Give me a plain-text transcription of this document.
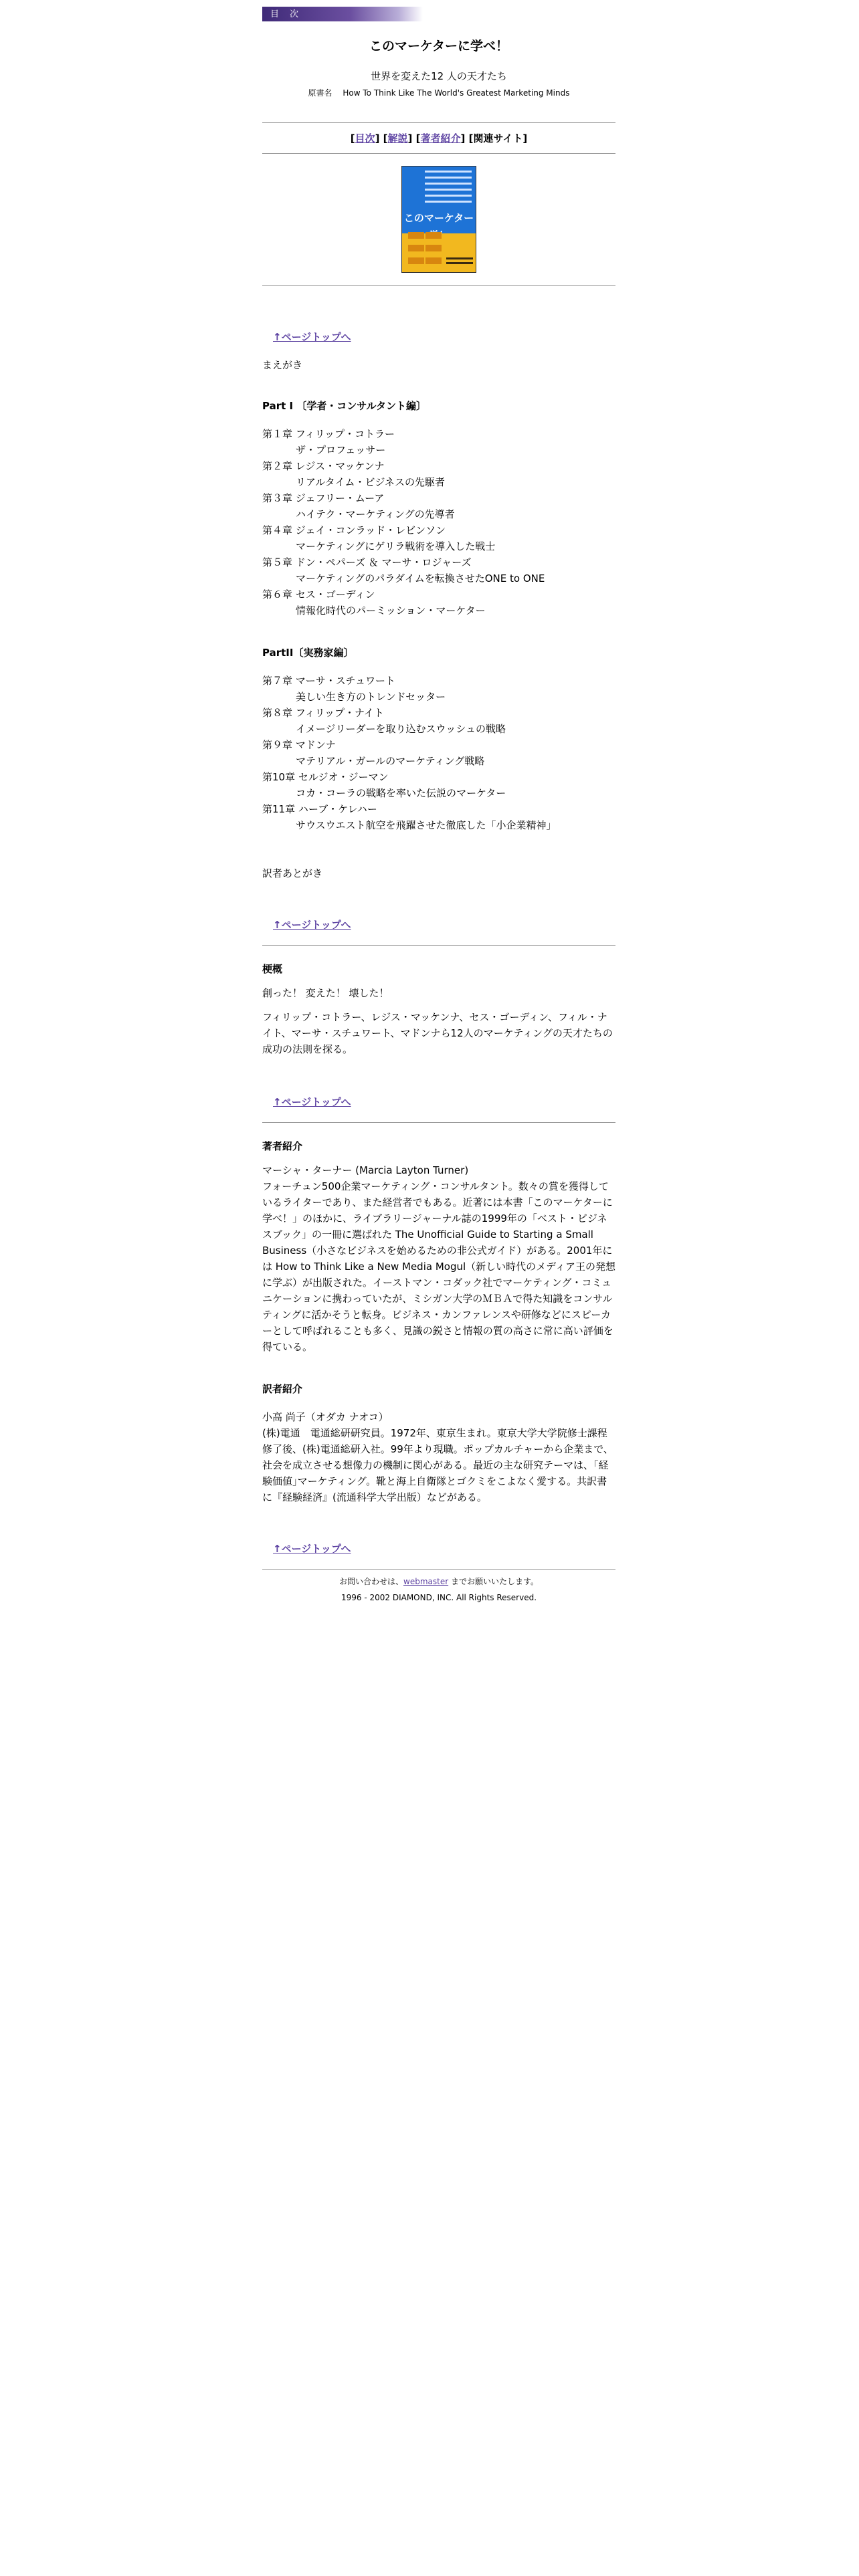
目 次
このマーケターに学べ！
世界を変えた12 人の天才たち
原書名 How To Think Like The World's Greatest Marketing Minds
[目次] [解説] [著者紹介] [関連サイト]
このマーケター
↑ページトップへ
まえがき
Part I 〔学者・コンサルタント編〕
第１章 フィリップ・コトラー
ザ・プロフェッサー
第２章 レジス・マッケンナ
リアルタイム・ビジネスの先駆者
第３章 ジェフリー・ムーア
ハイテク・マーケティングの先導者
第４章 ジェイ・コンラッド・レビンソン
マーケティングにゲリラ戦術を導入した戦士
第５章 ドン・ペパーズ ＆ マーサ・ロジャーズ
マーケティングのパラダイムを転換させたONE to ONE
第６章 セス・ゴーディン
情報化時代のパーミッション・マーケター
PartII〔実務家編〕
第７章 マーサ・スチュワート
美しい生き方のトレンドセッター
第８章 フィリップ・ナイト
イメージリーダーを取り込むスウッシュの戦略
第９章 マドンナ
マテリアル・ガールのマーケティング戦略
第10章 セルジオ・ジーマン
コカ・コーラの戦略を率いた伝説のマーケター
第11章 ハーブ・ケレハー
サウスウエスト航空を飛躍させた徹底した「小企業精神」
訳者あとがき
↑ページトップへ
梗概
創った！ 変えた！ 壊した！
フィリップ・コトラー、レジス・マッケンナ、セス・ゴーディン、フィル・ナイト、マーサ・スチュワート、マドンナら12人のマーケティングの天才たちの成功の法則を探る。
↑ページトップへ
著者紹介
マーシャ・ターナー (Marcia Layton Turner)
フォーチュン500企業マーケティング・コンサルタント。数々の賞を獲得しているライターであり、また経営者でもある。近著には本書「このマーケターに学べ！」のほかに、ライブラリージャーナル誌の1999年の「ベスト・ビジネスブック」の一冊に選ばれた The Unofficial Guide to Starting a Small Business（小さなビジネスを始めるための非公式ガイド）がある。2001年には How to Think Like a New Media Mogul（新しい時代のメディア王の発想に学ぶ）が出版された。イーストマン・コダック社でマーケティング・コミュニケーションに携わっていたが、ミシガン大学のＭＢＡで得た知識をコンサルティングに活かそうと転身。ビジネス・カンファレンスや研修などにスピーカーとして呼ばれることも多く、見識の鋭さと情報の質の高さに常に高い評価を得ている。
訳者紹介
小高 尚子（オダカ ナオコ）
(株)電通　電通総研研究員。1972年、東京生まれ。東京大学大学院修士課程修了後、(株)電通総研入社。99年より現職。ポップカルチャーから企業まで、社会を成立させる想像力の機制に関心がある。最近の主な研究テーマは、｢経験価値｣マーケティング。靴と海上自衛隊とゴクミをこよなく愛する。共訳書に『経験経済』(流通科学大学出版）などがある。
↑ページトップへ
お問い合わせは、webmaster までお願いいたします。
1996 - 2002 DIAMOND, INC. All Rights Reserved.
